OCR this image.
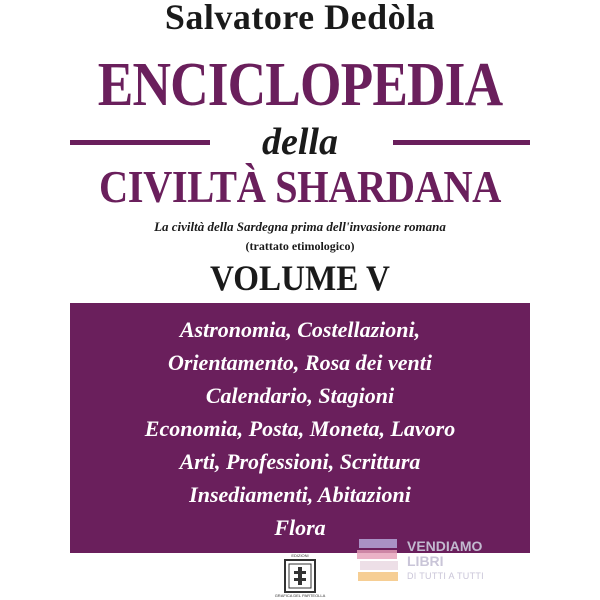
Salvatore Dedòla
ENCICLOPEDIA
della
CIVILTÀ SHARDANA
La civiltà della Sardegna prima dell'invasione romana
(trattato etimologico)
VOLUME V
Astronomia, Costellazioni,
Orientamento, Rosa dei venti
Calendario, Stagioni
Economia, Posta, Moneta, Lavoro
Arti, Professioni, Scrittura
Insediamenti, Abitazioni
Flora
EDIZIONI
GRAFICA DEL PARTEOLLA
VENDIAMO
LIBRI
DI TUTTI A TUTTI
